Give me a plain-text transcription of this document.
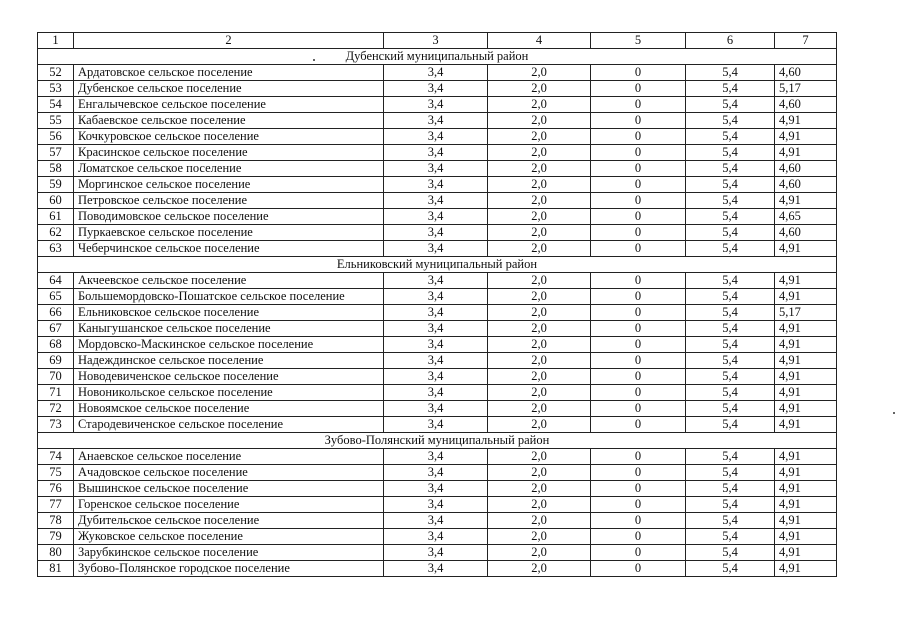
1	2	3	4	5	6	7
Дубенский муниципальный район						
52	Ардатовское сельское поселение	3,4	2,0	0	5,4	4,60
53	Дубенское сельское поселение	3,4	2,0	0	5,4	5,17
54	Енгалычевское сельское поселение	3,4	2,0	0	5,4	4,60
55	Кабаевское сельское поселение	3,4	2,0	0	5,4	4,91
56	Кочкуровское сельское поселение	3,4	2,0	0	5,4	4,91
57	Красинское сельское поселение	3,4	2,0	0	5,4	4,91
58	Ломатское сельское поселение	3,4	2,0	0	5,4	4,60
59	Моргинское сельское поселение	3,4	2,0	0	5,4	4,60
60	Петровское сельское поселение	3,4	2,0	0	5,4	4,91
61	Поводимовское сельское поселение	3,4	2,0	0	5,4	4,65
62	Пуркаевское сельское поселение	3,4	2,0	0	5,4	4,60
63	Чеберчинское сельское поселение	3,4	2,0	0	5,4	4,91
Ельниковский муниципальный район						
64	Акчеевское сельское поселение	3,4	2,0	0	5,4	4,91
65	Большемордовско-Пошатское сельское поселение	3,4	2,0	0	5,4	4,91
66	Ельниковское сельское поселение	3,4	2,0	0	5,4	5,17
67	Каныгушанское сельское поселение	3,4	2,0	0	5,4	4,91
68	Мордовско-Маскинское сельское поселение	3,4	2,0	0	5,4	4,91
69	Надеждинское сельское поселение	3,4	2,0	0	5,4	4,91
70	Новодевиченское сельское поселение	3,4	2,0	0	5,4	4,91
71	Новоникольское сельское поселение	3,4	2,0	0	5,4	4,91
72	Новоямское сельское поселение	3,4	2,0	0	5,4	4,91
73	Стародевиченское сельское поселение	3,4	2,0	0	5,4	4,91
Зубово-Полянский муниципальный район						
74	Анаевское сельское поселение	3,4	2,0	0	5,4	4,91
75	Ачадовское сельское поселение	3,4	2,0	0	5,4	4,91
76	Вышинское сельское поселение	3,4	2,0	0	5,4	4,91
77	Горенское сельское поселение	3,4	2,0	0	5,4	4,91
78	Дубительское сельское поселение	3,4	2,0	0	5,4	4,91
79	Жуковское сельское поселение	3,4	2,0	0	5,4	4,91
80	Зарубкинское сельское поселение	3,4	2,0	0	5,4	4,91
81	Зубово-Полянское городское поселение	3,4	2,0	0	5,4	4,91
